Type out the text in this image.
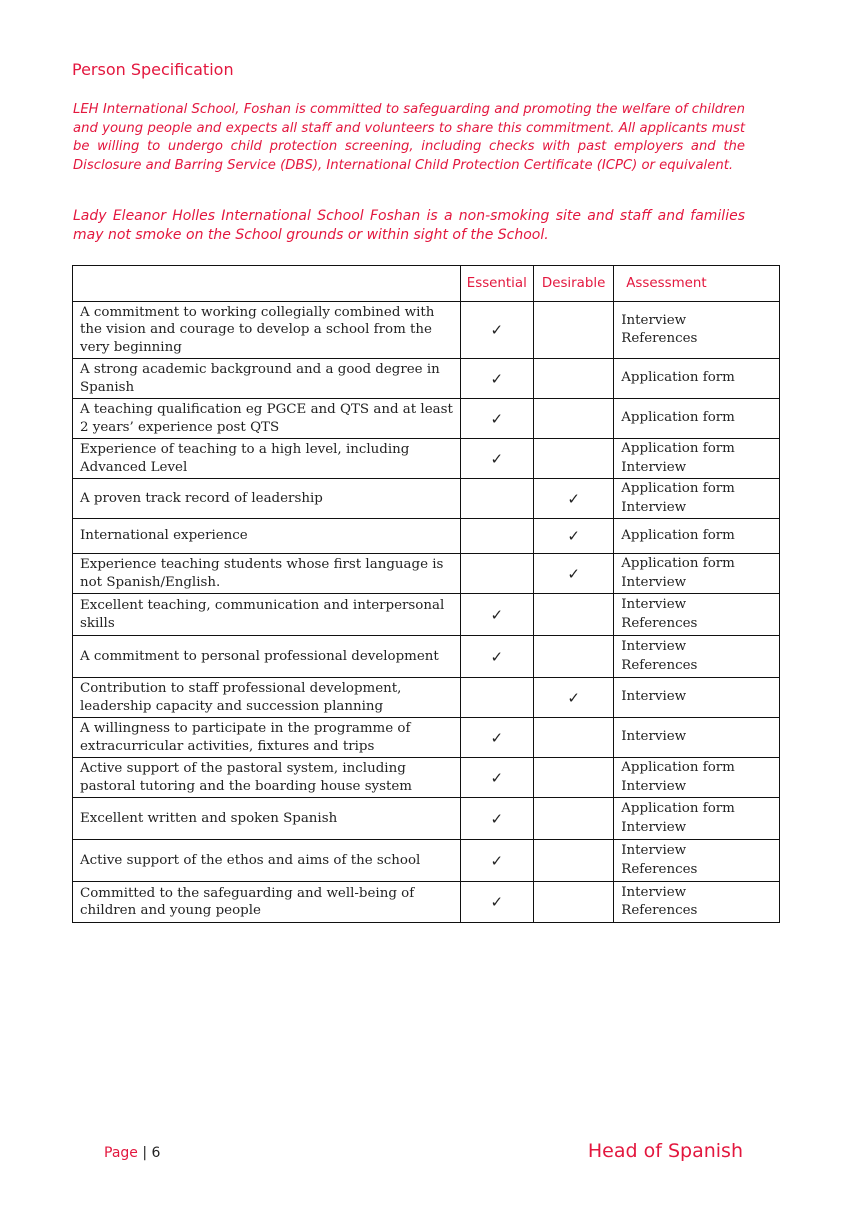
Person Specification
LEH International School, Foshan is committed to safeguarding and promoting the welfare of children and young people and expects all staff and volunteers to share this commitment. All applicants must be willing to undergo child protection screening, including checks with past employers and the Disclosure and Barring Service (DBS), International Child Protection Certificate (ICPC) or equivalent.
Lady Eleanor Holles International School Foshan is a non-smoking site and staff and families may not smoke on the School grounds or within sight of the School.
	Essential	Desirable	Assessment
A commitment to working collegially combined with the vision and courage to develop a school from the very beginning	✓		Interview
References

A strong academic background and a good degree in Spanish	✓		Application form

A teaching qualification eg PGCE and QTS and at least 2 years’ experience post QTS	✓		Application form

Experience of teaching to a high level, including Advanced Level	✓		Application form
Interview

A proven track record of leadership		✓	Application form
Interview

International experience		✓	Application form

Experience teaching students whose first language is not Spanish/English.		✓	Application form
Interview

Excellent teaching, communication and interpersonal skills	✓		Interview
References

A commitment to personal professional development	✓		Interview
References

Contribution to staff professional development, leadership capacity and succession planning		✓	Interview

A willingness to participate in the programme of extracurricular activities, fixtures and trips	✓		Interview

Active support of the pastoral system, including pastoral tutoring and the boarding house system	✓		Application form
Interview

Excellent written and spoken Spanish	✓		Application form
Interview

Active support of the ethos and aims of the school	✓		Interview
References

Committed to the safeguarding and well-being of children and young people	✓		Interview
References
Page | 6	Head of Spanish
